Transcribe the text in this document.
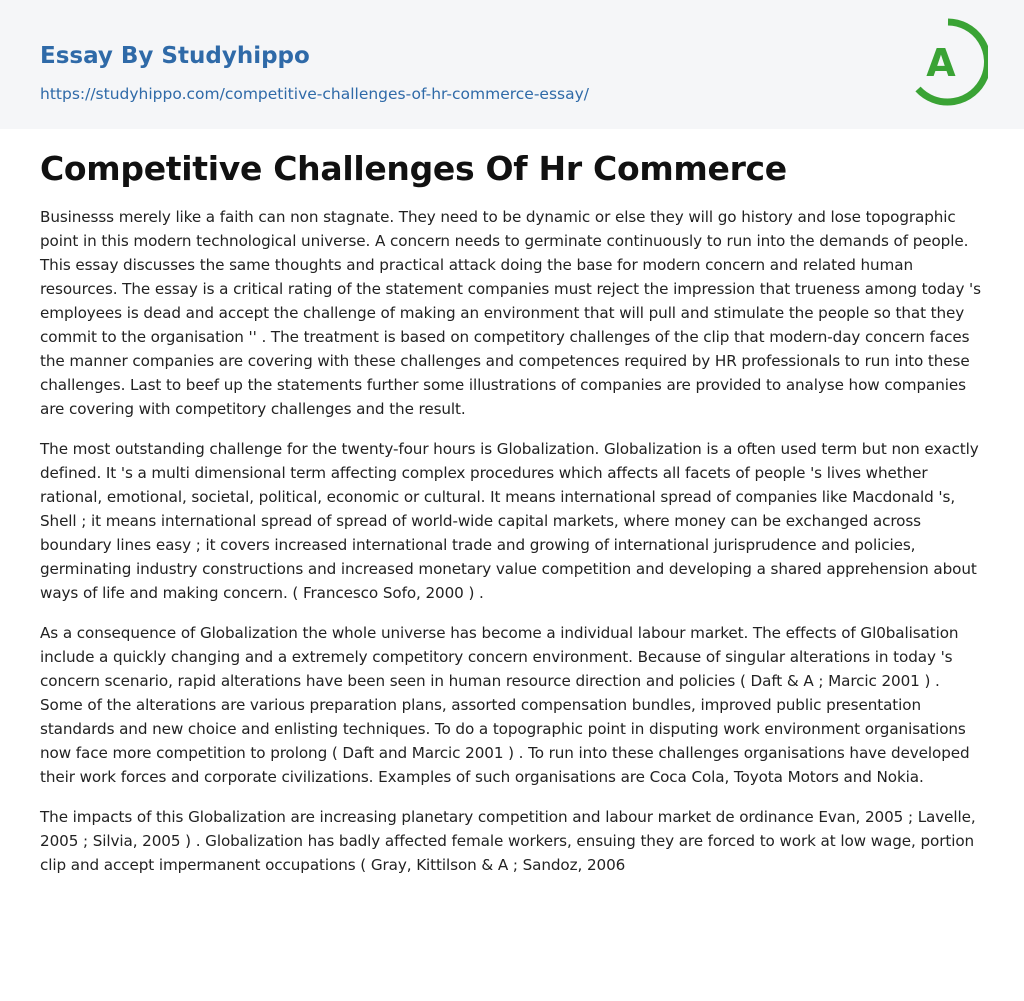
Essay By Studyhippo
https://studyhippo.com/competitive-challenges-of-hr-commerce-essay/
A
Competitive Challenges Of Hr Commerce

Businesss merely like a faith can non stagnate. They need to be dynamic or else they will go history and lose topographic point in this modern technological universe. A concern needs to germinate continuously to run into the demands of people. This essay discusses the same thoughts and practical attack doing the base for modern concern and related human resources. The essay is a critical rating of the statement companies must reject the impression that trueness among today 's employees is dead and accept the challenge of making an environment that will pull and stimulate the people so that they commit to the organisation '' . The treatment is based on competitory challenges of the clip that modern-day concern faces the manner companies are covering with these challenges and competences required by HR professionals to run into these challenges. Last to beef up the statements further some illustrations of companies are provided to analyse how companies are covering with competitory challenges and the result.

The most outstanding challenge for the twenty-four hours is Globalization. Globalization is a often used term but non exactly defined. It 's a multi dimensional term affecting complex procedures which affects all facets of people 's lives whether rational, emotional, societal, political, economic or cultural. It means international spread of companies like Macdonald 's, Shell ; it means international spread of spread of world-wide capital markets, where money can be exchanged across boundary lines easy ; it covers increased international trade and growing of international jurisprudence and policies, germinating industry constructions and increased monetary value competition and developing a shared apprehension about ways of life and making concern. ( Francesco Sofo, 2000 ) .

As a consequence of Globalization the whole universe has become a individual labour market. The effects of Gl0balisation include a quickly changing and a extremely competitory concern environment. Because of singular alterations in today 's concern scenario, rapid alterations have been seen in human resource direction and policies ( Daft & A ; Marcic 2001 ) . Some of the alterations are various preparation plans, assorted compensation bundles, improved public presentation standards and new choice and enlisting techniques. To do a topographic point in disputing work environment organisations now face more competition to prolong ( Daft and Marcic 2001 ) . To run into these challenges organisations have developed their work forces and corporate civilizations. Examples of such organisations are Coca Cola, Toyota Motors and Nokia.

The impacts of this Globalization are increasing planetary competition and labour market de ordinance Evan, 2005 ; Lavelle, 2005 ; Silvia, 2005 ) . Globalization has badly affected female workers, ensuing they are forced to work at low wage, portion clip and accept impermanent occupations ( Gray, Kittilson & A ; Sandoz, 2006
